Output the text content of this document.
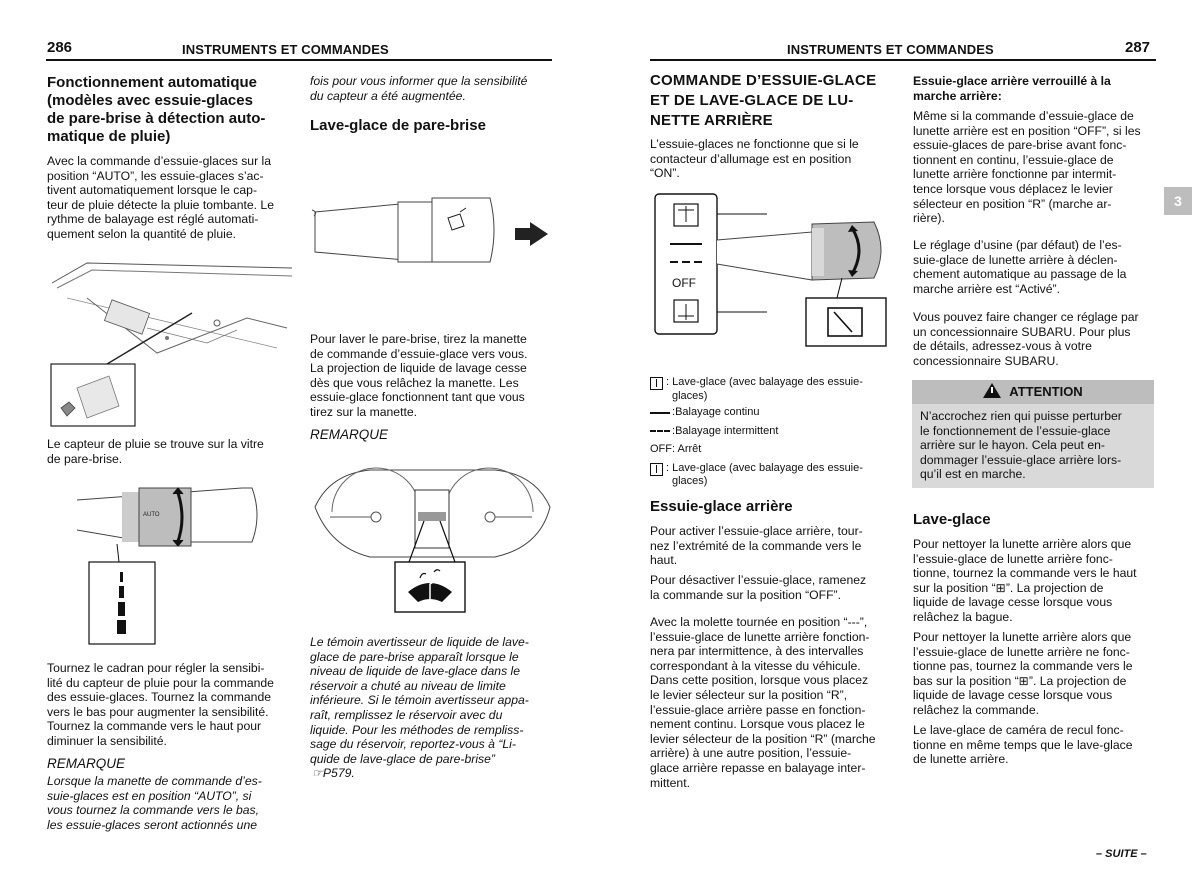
286	INSTRUMENTS ET COMMANDES
Fonctionnement automatique
(modèles avec essuie-glaces
de pare-brise à détection auto-
matique de pluie)
Avec la commande d’essuie-glaces sur la
position “AUTO”, les essuie-glaces s’ac-
tivent automatiquement lorsque le cap-
teur de pluie détecte la pluie tombante. Le
rythme de balayage est réglé automati-
quement selon la quantité de pluie.
Le capteur de pluie se trouve sur la vitre
de pare-brise.
AUTO
Tournez le cadran pour régler la sensibi-
lité du capteur de pluie pour la commande
des essuie-glaces. Tournez la commande
vers le bas pour augmenter la sensibilité.
Tournez la commande vers le haut pour
diminuer la sensibilité.
REMARQUE
Lorsque la manette de commande d’es-
suie-glaces est en position “AUTO”, si
vous tournez la commande vers le bas,
les essuie-glaces seront actionnés une
fois pour vous informer que la sensibilité
du capteur a été augmentée.
Lave-glace de pare-brise
Pour laver le pare-brise, tirez la manette
de commande d’essuie-glace vers vous.
La projection de liquide de lavage cesse
dès que vous relâchez la manette. Les
essuie-glace fonctionnent tant que vous
tirez sur la manette.
REMARQUE
Le témoin avertisseur de liquide de lave-
glace de pare-brise apparaît lorsque le
niveau de liquide de lave-glace dans le
réservoir a chuté au niveau de limite
inférieure. Si le témoin avertisseur appa-
raît, remplissez le réservoir avec du
liquide. Pour les méthodes de rempliss-
sage du réservoir, reportez-vous à “Li-
quide de lave-glace de pare-brise”
☞P579.
INSTRUMENTS ET COMMANDES	287
3
COMMANDE D’ESSUIE-GLACE
ET DE LAVE-GLACE DE LU-
NETTE ARRIÈRE
L’essuie-glaces ne fonctionne que si le
contacteur d’allumage est en position
“ON”.
OFF
: Lave-glace (avec balayage des essuie-
glaces)
: Balayage continu
: Balayage intermittent
OFF: Arrêt
: Lave-glace (avec balayage des essuie-
glaces)
Essuie-glace arrière
Pour activer l’essuie-glace arrière, tour-
nez l’extrémité de la commande vers le
haut.
Pour désactiver l’essuie-glace, ramenez
la commande sur la position “OFF”.
Avec la molette tournée en position “---”,
l’essuie-glace de lunette arrière fonction-
nera par intermittence, à des intervalles
correspondant à la vitesse du véhicule.
Dans cette position, lorsque vous placez
le levier sélecteur sur la position “R”,
l’essuie-glace arrière passe en fonction-
nement continu. Lorsque vous placez le
levier sélecteur de la position “R” (marche
arrière) à une autre position, l’essuie-
glace arrière repasse en balayage inter-
mittent.
Essuie-glace arrière verrouillé à la
marche arrière:
Même si la commande d’essuie-glace de
lunette arrière est en position “OFF”, si les
essuie-glaces de pare-brise avant fonc-
tionnent en continu, l’essuie-glace de
lunette arrière fonctionne par intermit-
tence lorsque vous déplacez le levier
sélecteur en position “R” (marche ar-
rière).
Le réglage d’usine (par défaut) de l’es-
suie-glace de lunette arrière à déclen-
chement automatique au passage de la
marche arrière est “Activé”.
Vous pouvez faire changer ce réglage par
un concessionnaire SUBARU. Pour plus
de détails, adressez-vous à votre
concessionnaire SUBARU.
ATTENTION
N’accrochez rien qui puisse perturber
le fonctionnement de l’essuie-glace
arrière sur le hayon. Cela peut en-
dommager l’essuie-glace arrière lors-
qu’il est en marche.
Lave-glace
Pour nettoyer la lunette arrière alors que
l’essuie-glace de lunette arrière fonc-
tionne, tournez la commande vers le haut
sur la position “⊞”. La projection de
liquide de lavage cesse lorsque vous
relâchez la bague.
Pour nettoyer la lunette arrière alors que
l’essuie-glace de lunette arrière ne fonc-
tionne pas, tournez la commande vers le
bas sur la position “⊞”. La projection de
liquide de lavage cesse lorsque vous
relâchez la commande.
Le lave-glace de caméra de recul fonc-
tionne en même temps que le lave-glace
de lunette arrière.
– SUITE –
